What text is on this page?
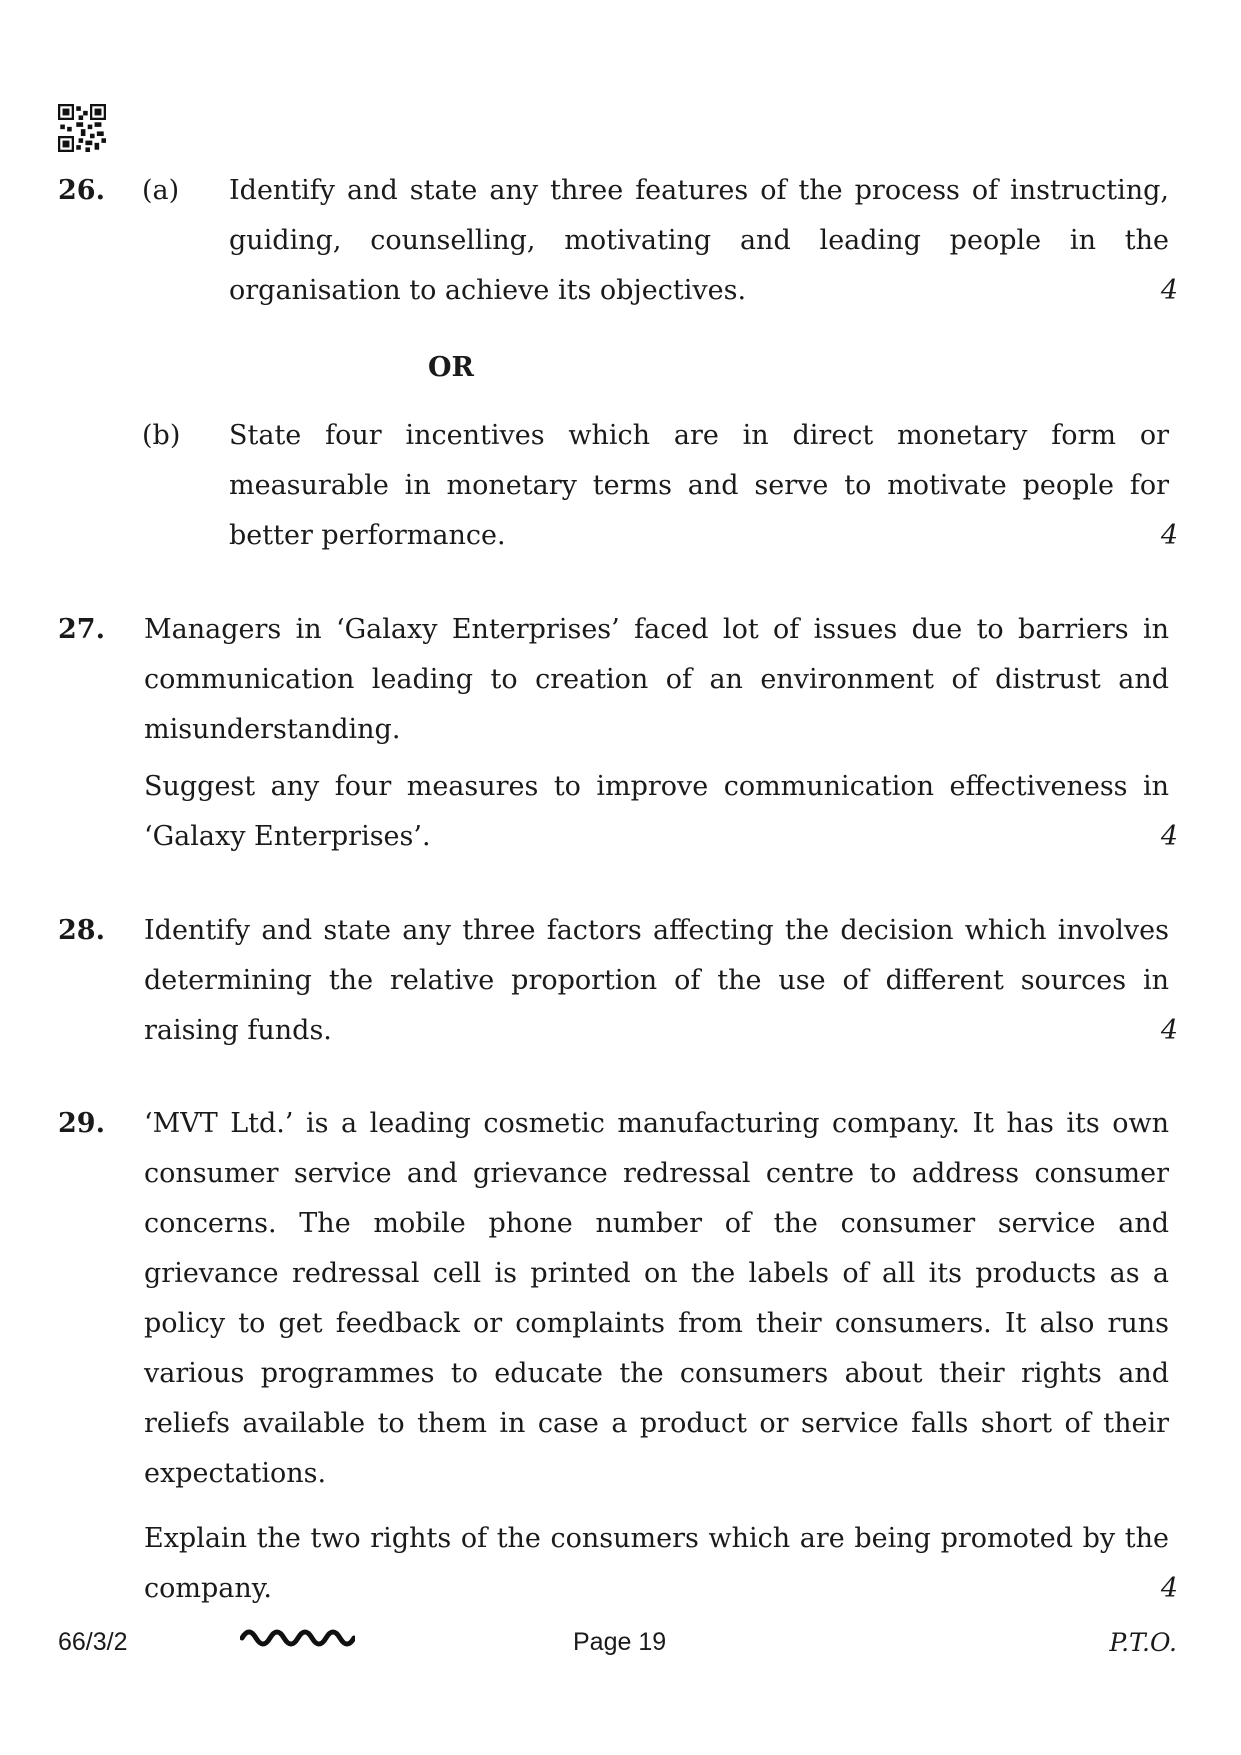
26. (a) Identify and state any three features of the process of instructing, guiding, counselling, motivating and leading people in the organisation to achieve its objectives.	4
OR
(b) State four incentives which are in direct monetary form or measurable in monetary terms and serve to motivate people for better performance.	4
27. Managers in ‘Galaxy Enterprises’ faced lot of issues due to barriers in communication leading to creation of an environment of distrust and misunderstanding.
Suggest any four measures to improve communication effectiveness in ‘Galaxy Enterprises’.	4
28. Identify and state any three factors affecting the decision which involves determining the relative proportion of the use of different sources in raising funds.	4
29. ‘MVT Ltd.’ is a leading cosmetic manufacturing company. It has its own consumer service and grievance redressal centre to address consumer concerns. The mobile phone number of the consumer service and grievance redressal cell is printed on the labels of all its products as a policy to get feedback or complaints from their consumers. It also runs various programmes to educate the consumers about their rights and reliefs available to them in case a product or service falls short of their expectations.
Explain the two rights of the consumers which are being promoted by the company.	4
66/3/2	Page 19	P.T.O.
